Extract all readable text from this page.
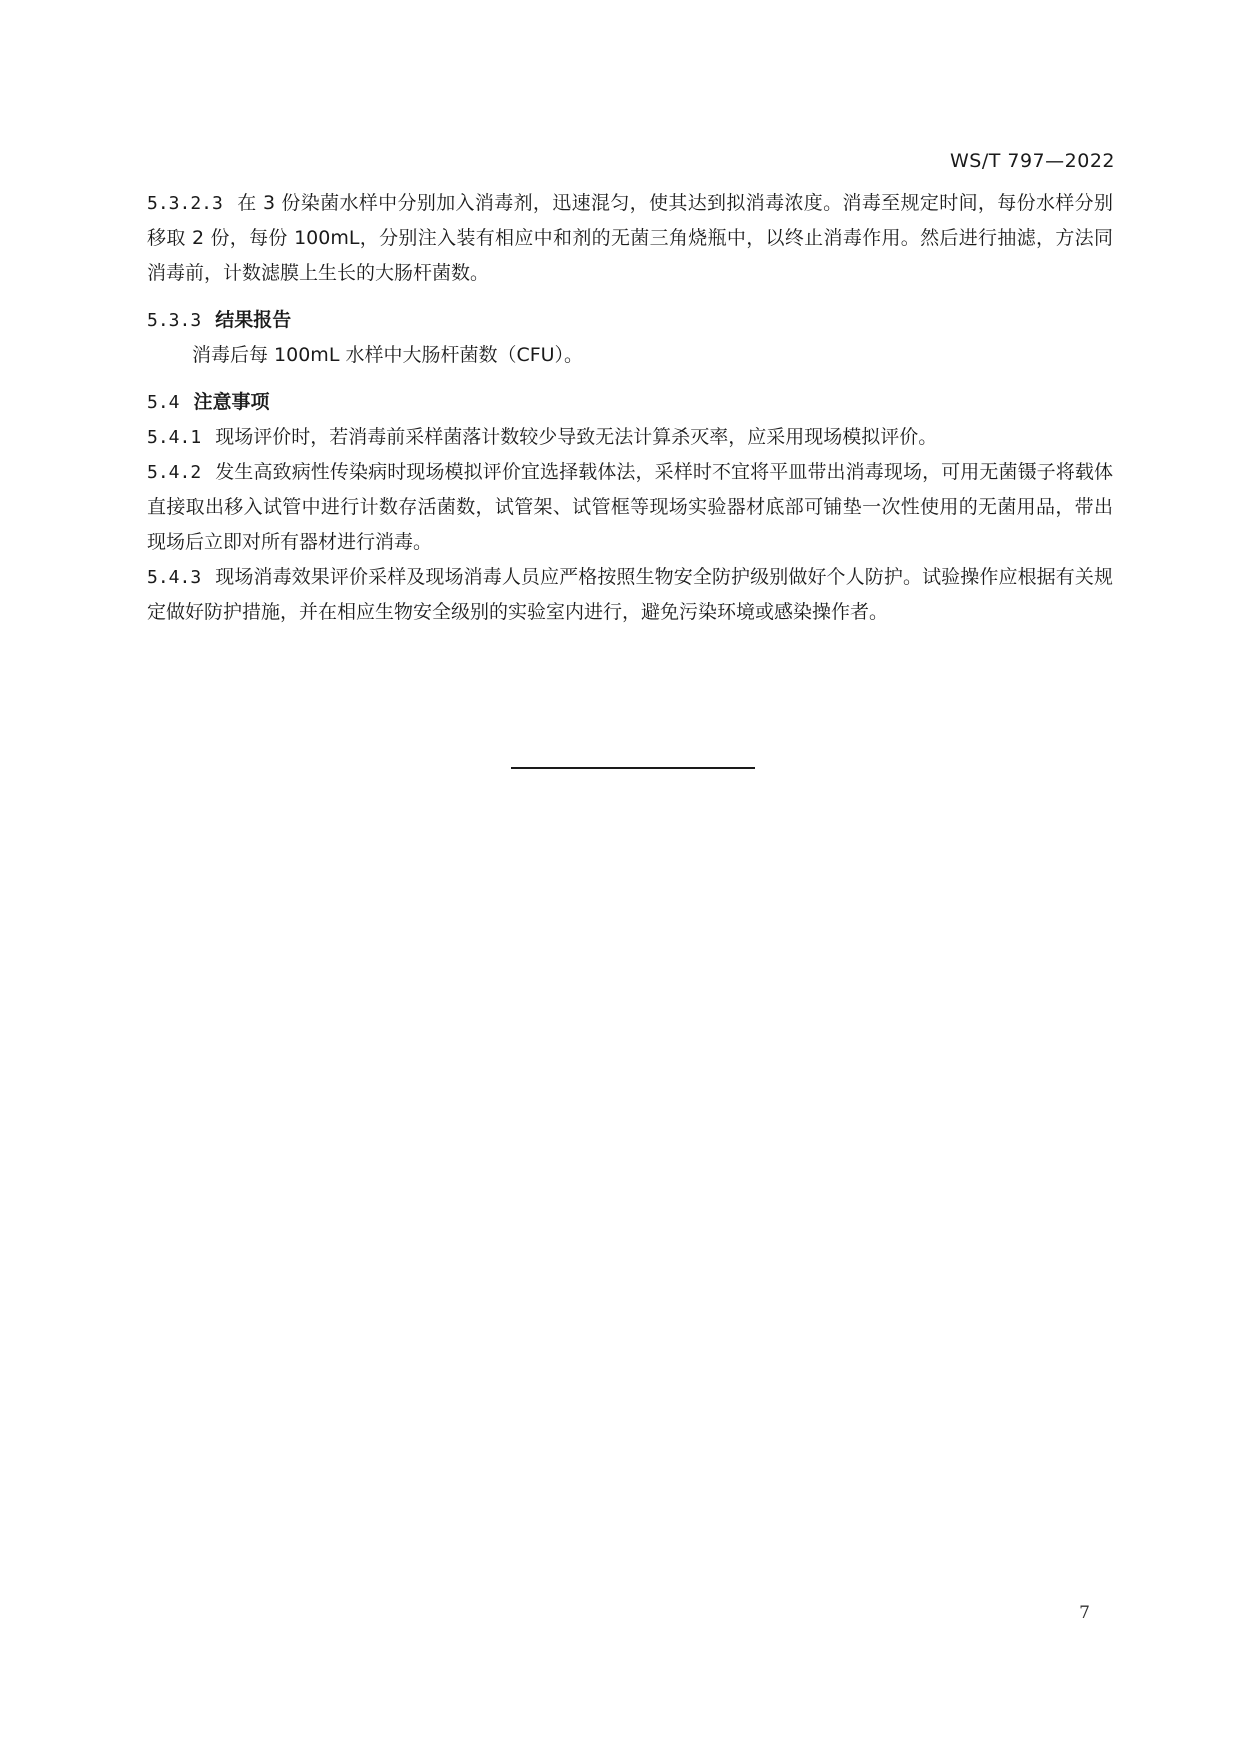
WS/T 797—2022

5.3.2.3 在 3 份染菌水样中分别加入消毒剂，迅速混匀，使其达到拟消毒浓度。消毒至规定时间，每份水样分别移取 2 份，每份 100mL，分别注入装有相应中和剂的无菌三角烧瓶中，以终止消毒作用。然后进行抽滤，方法同消毒前，计数滤膜上生长的大肠杆菌数。

5.3.3 结果报告

消毒后每 100mL 水样中大肠杆菌数（CFU）。

5.4 注意事项

5.4.1 现场评价时，若消毒前采样菌落计数较少导致无法计算杀灭率，应采用现场模拟评价。

5.4.2 发生高致病性传染病时现场模拟评价宜选择载体法，采样时不宜将平皿带出消毒现场，可用无菌镊子将载体直接取出移入试管中进行计数存活菌数，试管架、试管框等现场实验器材底部可铺垫一次性使用的无菌用品，带出现场后立即对所有器材进行消毒。

5.4.3 现场消毒效果评价采样及现场消毒人员应严格按照生物安全防护级别做好个人防护。试验操作应根据有关规定做好防护措施，并在相应生物安全级别的实验室内进行，避免污染环境或感染操作者。

7
